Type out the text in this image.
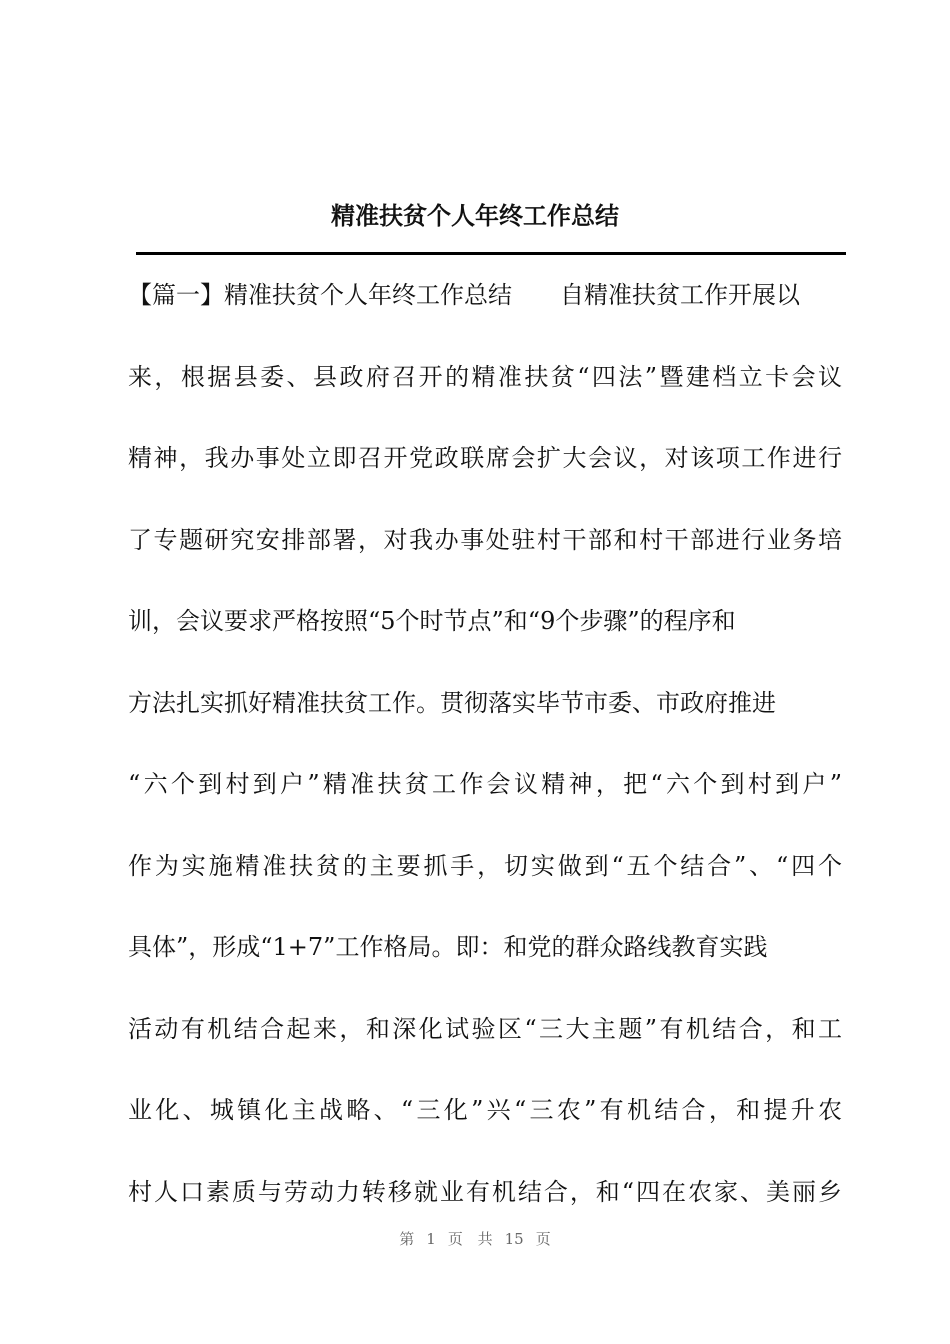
精准扶贫个人年终工作总结
【篇一】精准扶贫个人年终工作总结　　自精准扶贫工作开展以
来，根据县委、县政府召开的精准扶贫“四法”暨建档立卡会议
精神，我办事处立即召开党政联席会扩大会议，对该项工作进行
了专题研究安排部署，对我办事处驻村干部和村干部进行业务培
训，会议要求严格按照“5个时节点”和“9个步骤”的程序和
方法扎实抓好精准扶贫工作。贯彻落实毕节市委、市政府推进
“六个到村到户”精准扶贫工作会议精神，把“六个到村到户”
作为实施精准扶贫的主要抓手，切实做到“五个结合”、“四个
具体”，形成“1+7”工作格局。即：和党的群众路线教育实践
活动有机结合起来，和深化试验区“三大主题”有机结合，和工
业化、城镇化主战略、“三化”兴“三农”有机结合，和提升农
村人口素质与劳动力转移就业有机结合，和“四在农家、美丽乡
第 1 页 共 15 页
